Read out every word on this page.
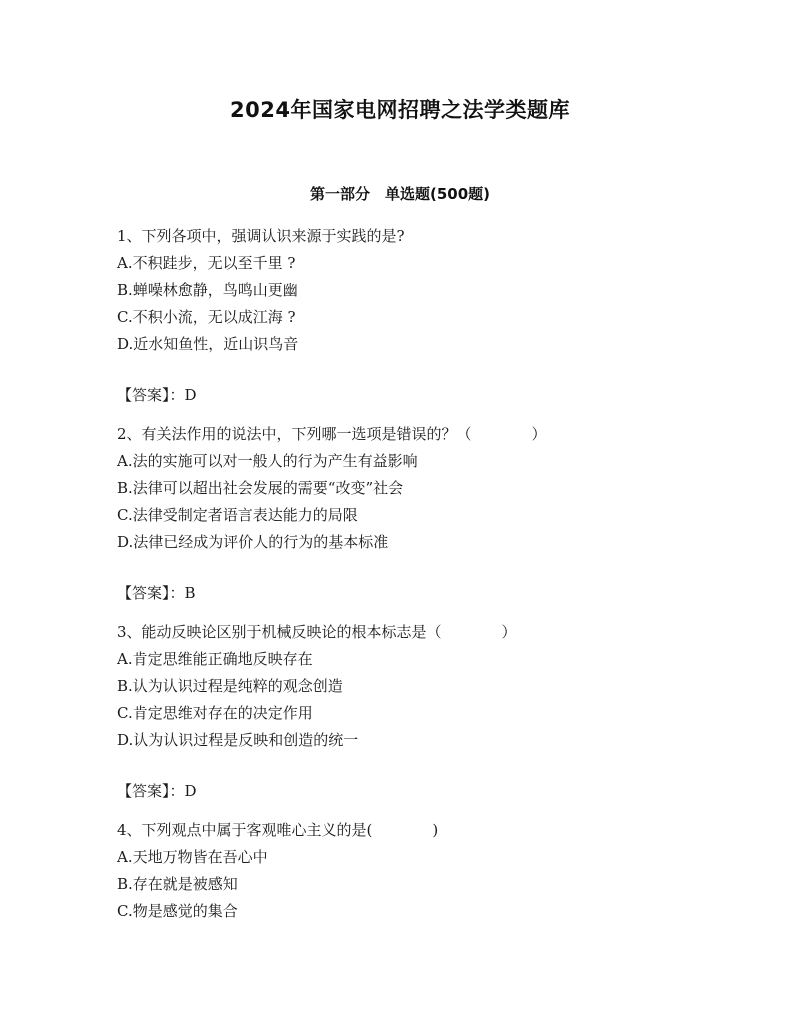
2024年国家电网招聘之法学类题库
第一部分　单选题(500题)
1、下列各项中，强调认识来源于实践的是?
A.不积跬步，无以至千里 ?
B.蝉噪林愈静，鸟鸣山更幽
C.不积小流，无以成江海 ?
D.近水知鱼性，近山识鸟音
【答案】：D
2、有关法作用的说法中，下列哪一选项是错误的？（　　　　）
A.法的实施可以对一般人的行为产生有益影响
B.法律可以超出社会发展的需要“改变”社会
C.法律受制定者语言表达能力的局限
D.法律已经成为评价人的行为的基本标准
【答案】：B
3、能动反映论区别于机械反映论的根本标志是（　　　　）
A.肯定思维能正确地反映存在
B.认为认识过程是纯粹的观念创造
C.肯定思维对存在的决定作用
D.认为认识过程是反映和创造的统一
【答案】：D
4、下列观点中属于客观唯心主义的是(　　　　)
A.天地万物皆在吾心中
B.存在就是被感知
C.物是感觉的集合
